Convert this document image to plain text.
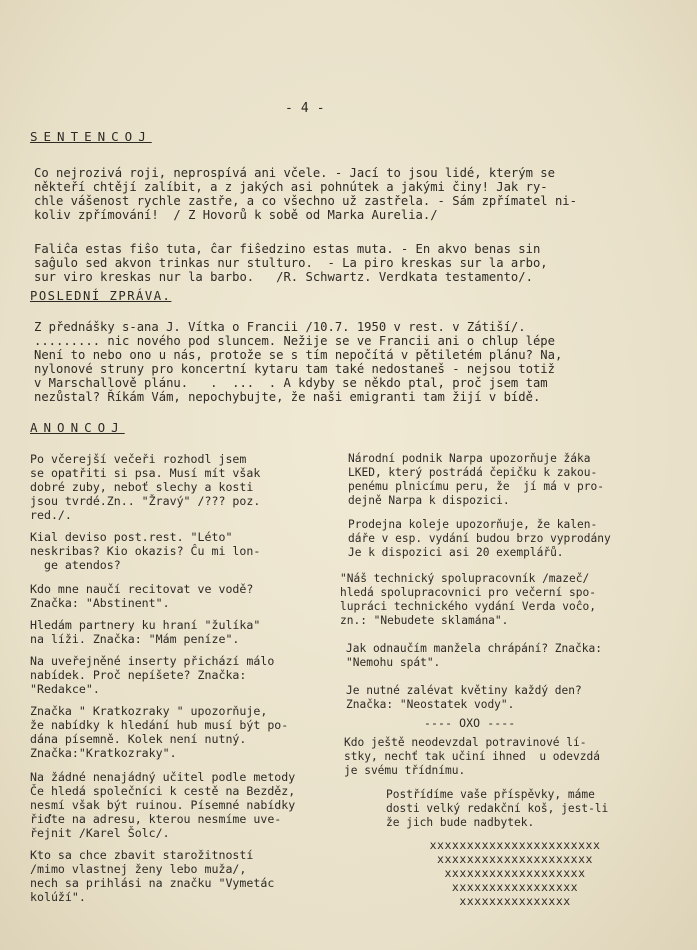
- 4 -
SENTENCOJ
Co nejrozivá roji, neprospívá ani včele. - Jací to jsou lidé, kterým se
někteří chtějí zalíbit, a z jakých asi pohnútek a jakými činy! Jak ry-
chle vášenost rychle zastře, a co všechno už zastřela. - Sám zpřímatel ni-
koliv zpřímování!  / Z Hovorů k sobě od Marka Aurelia./
Faliĉa estas fiŝo tuta, ĉar fiŝedzino estas muta. - En akvo benas sin
saĝulo sed akvon trinkas nur stulturo.  - La piro kreskas sur la arbo,
sur viro kreskas nur la barbo.   /R. Schwartz. Verdkata testamento/.
POSLEDNÍ ZPRÁVA.
Z přednášky s-ana J. Vítka o Francii /10.7. 1950 v rest. v Zátiší/.
......... nic nového pod sluncem. Nežije se ve Francii ani o chlup lépe
Není to nebo ono u nás, protože se s tím nepočítá v pětiletém plánu? Na,
nylonové struny pro koncertní kytaru tam také nedostaneš - nejsou totiž
v Marschallově plánu.   .  ...  . A kdyby se někdo ptal, proč jsem tam
nezůstal? Říkám Vám, nepochybujte, že naši emigranti tam žijí v bídě.
ANONCOJ
Po včerejší večeři rozhodl jsem
se opatřiti si psa. Musí mít však
dobré zuby, neboť slechy a kosti
jsou tvrdé.Zn.. "Žravý" /??? poz.
red./.
Kial deviso post.rest. "Léto"
neskribas? Kio okazis? Ĉu mi lon-
ge atendos?
Kdo mne naučí recitovat ve vodě?
Značka: "Abstinent".
Hledám partnery ku hraní "žulíka"
na líži. Značka: "Mám peníze".
Na uveřejněné inserty přichází málo
nabídek. Proč nepíšete? Značka:
"Redakce".
Značka " Kratkozraky " upozorňuje,
že nabídky k hledání hub musí být po-
dána písemně. Kolek není nutný.
Značka:"Kratkozraky".
Na žádné nenajádný učitel podle metody
Če hledá společníci k cestě na Bezděz,
nesmí však být ruinou. Písemné nabídky
řiďte na adresu, kterou nesmíme uve-
řejnit /Karel Šolc/.
Kto sa chce zbavit starožitností
/mimo vlastnej ženy lebo muža/,
nech sa prihlási na značku "Vymetác
kolúží".
Národní podnik Narpa upozorňuje žáka
LKED, který postrádá čepičku k zakou-
penému plnicímu peru, že  jí má v pro-
dejně Narpa k dispozici.
Prodejna koleje upozorňuje, že kalen-
dáře v esp. vydání budou brzo vyprodány
Je k dispozici asi 20 exemplářů.
"Náš technický spolupracovník /mazeč/
hledá spolupracovnici pro večerní spo-
lupráci technického vydání Verda voĉo,
zn.: "Nebudete sklamána".
Jak odnaučím manžela chrápání? Značka:
"Nemohu spát".
Je nutné zalévat květiny každý den?
Značka: "Neostatek vody".
---- OXO ----
Kdo ještě neodevzdal potravinové lí-
stky, nechť tak učiní ihned  u odevzdá
je svému třídnímu.
Postřídíme vaše příspěvky, máme
dosti velký redakční koš, jest-li
že jich bude nadbytek.
xxxxxxxxxxxxxxxxxxxxxxx
xxxxxxxxxxxxxxxxxxxxx
xxxxxxxxxxxxxxxxxxx
xxxxxxxxxxxxxxxxx
xxxxxxxxxxxxxxx
